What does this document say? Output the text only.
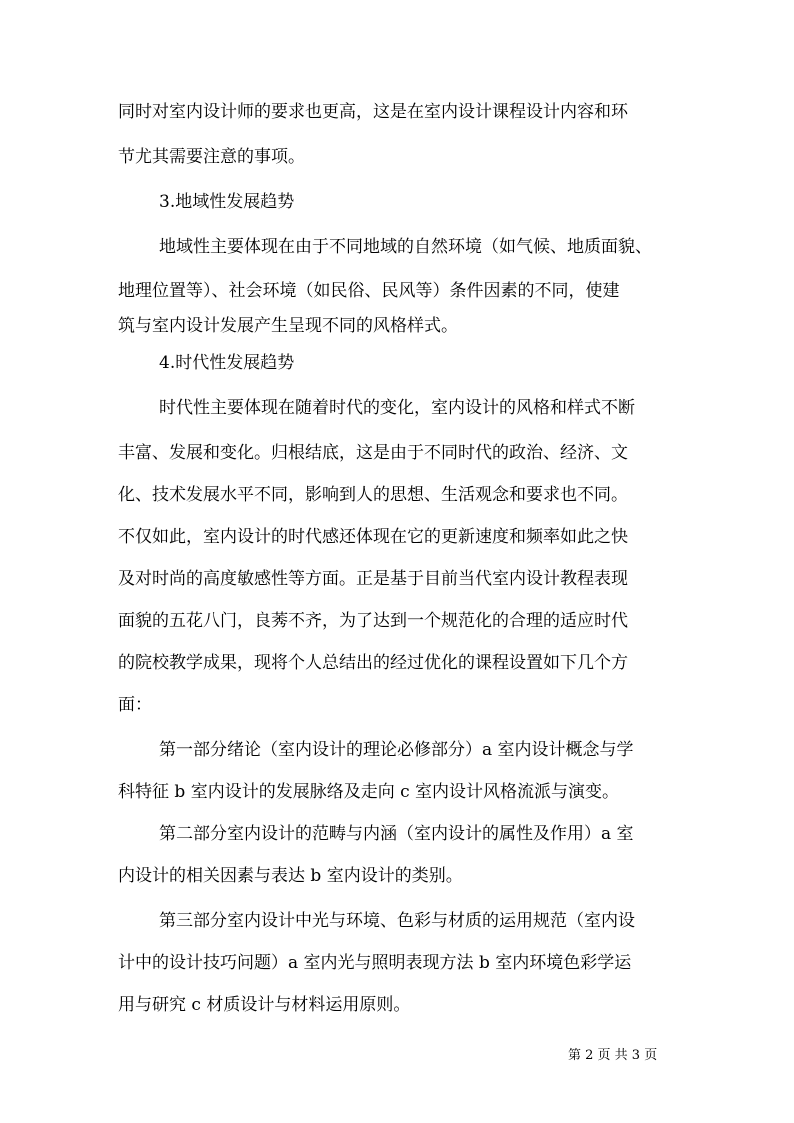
同时对室内设计师的要求也更高，这是在室内设计课程设计内容和环
节尤其需要注意的事项。
3.地域性发展趋势
地域性主要体现在由于不同地域的自然环境（如气候、地质面貌、
地理位置等）、社会环境（如民俗、民风等）条件因素的不同，使建
筑与室内设计发展产生呈现不同的风格样式。
4.时代性发展趋势
时代性主要体现在随着时代的变化，室内设计的风格和样式不断
丰富、发展和变化。归根结底，这是由于不同时代的政治、经济、文
化、技术发展水平不同，影响到人的思想、生活观念和要求也不同。
不仅如此，室内设计的时代感还体现在它的更新速度和频率如此之快
及对时尚的高度敏感性等方面。正是基于目前当代室内设计教程表现
面貌的五花八门，良莠不齐，为了达到一个规范化的合理的适应时代
的院校教学成果，现将个人总结出的经过优化的课程设置如下几个方
面：
第一部分绪论（室内设计的理论必修部分）a 室内设计概念与学
科特征 b 室内设计的发展脉络及走向 c 室内设计风格流派与演变。
第二部分室内设计的范畴与内涵（室内设计的属性及作用）a 室
内设计的相关因素与表达 b 室内设计的类别。
第三部分室内设计中光与环境、色彩与材质的运用规范（室内设
计中的设计技巧问题）a 室内光与照明表现方法 b 室内环境色彩学运
用与研究 c 材质设计与材料运用原则。
第 2 页 共 3 页
